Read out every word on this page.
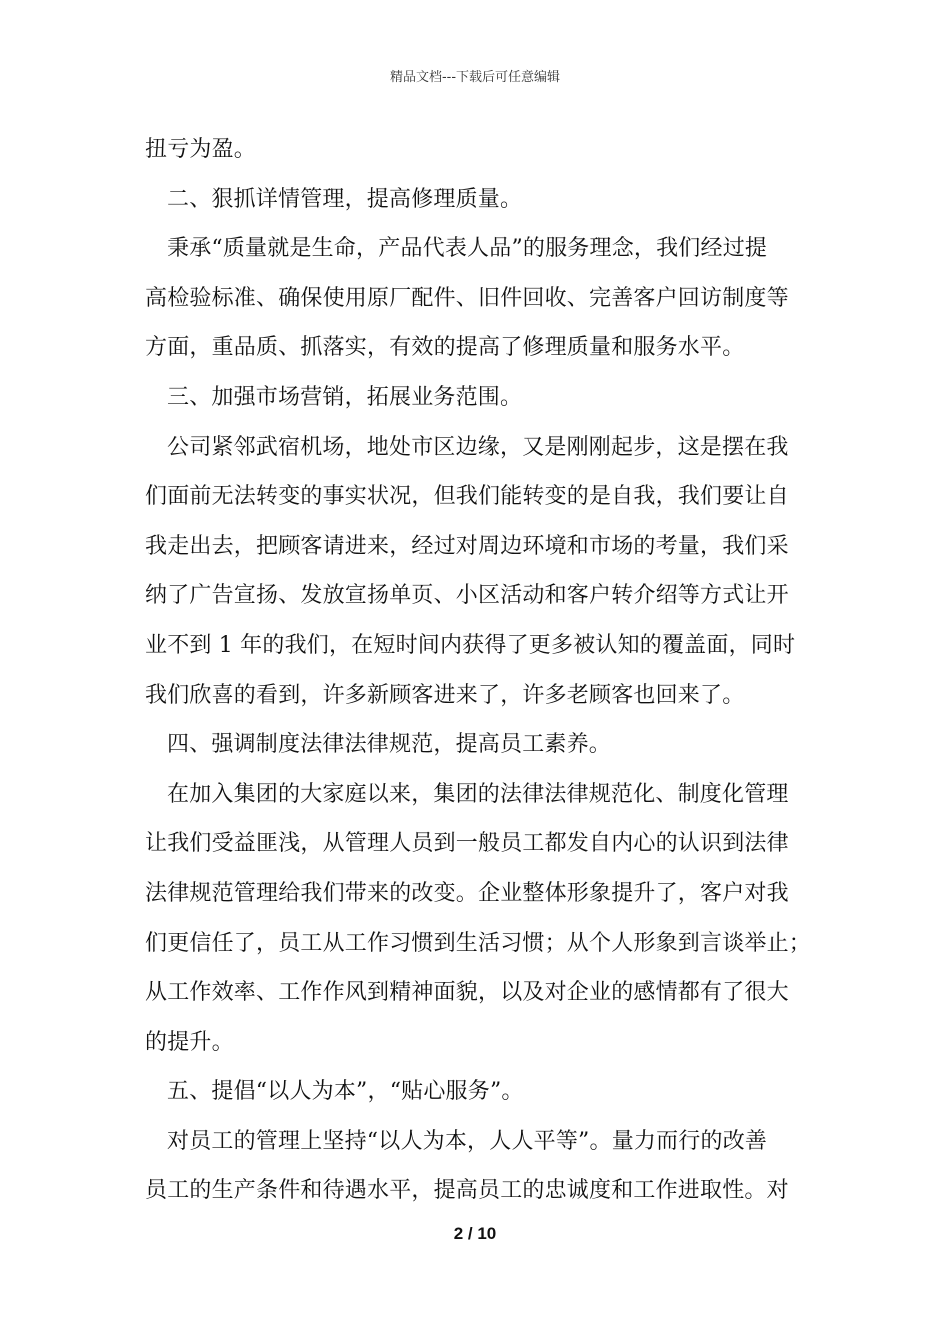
精品文档---下载后可任意编辑
扭亏为盈。
二、狠抓详情管理，提高修理质量。
秉承“质量就是生命，产品代表人品”的服务理念，我们经过提
高检验标准、确保使用原厂配件、旧件回收、完善客户回访制度等
方面，重品质、抓落实，有效的提高了修理质量和服务水平。
三、加强市场营销，拓展业务范围。
公司紧邻武宿机场，地处市区边缘，又是刚刚起步，这是摆在我
们面前无法转变的事实状况，但我们能转变的是自我，我们要让自
我走出去，把顾客请进来，经过对周边环境和市场的考量，我们采
纳了广告宣扬、发放宣扬单页、小区活动和客户转介绍等方式让开
业不到 1 年的我们，在短时间内获得了更多被认知的覆盖面，同时
我们欣喜的看到，许多新顾客进来了，许多老顾客也回来了。
四、强调制度法律法律规范，提高员工素养。
在加入集团的大家庭以来，集团的法律法律规范化、制度化管理
让我们受益匪浅，从管理人员到一般员工都发自内心的认识到法律
法律规范管理给我们带来的改变。企业整体形象提升了，客户对我
们更信任了，员工从工作习惯到生活习惯；从个人形象到言谈举止；
从工作效率、工作作风到精神面貌，以及对企业的感情都有了很大
的提升。
五、提倡“以人为本”，“贴心服务”。
对员工的管理上坚持“以人为本，人人平等”。量力而行的改善
员工的生产条件和待遇水平，提高员工的忠诚度和工作进取性。对
2 / 10
